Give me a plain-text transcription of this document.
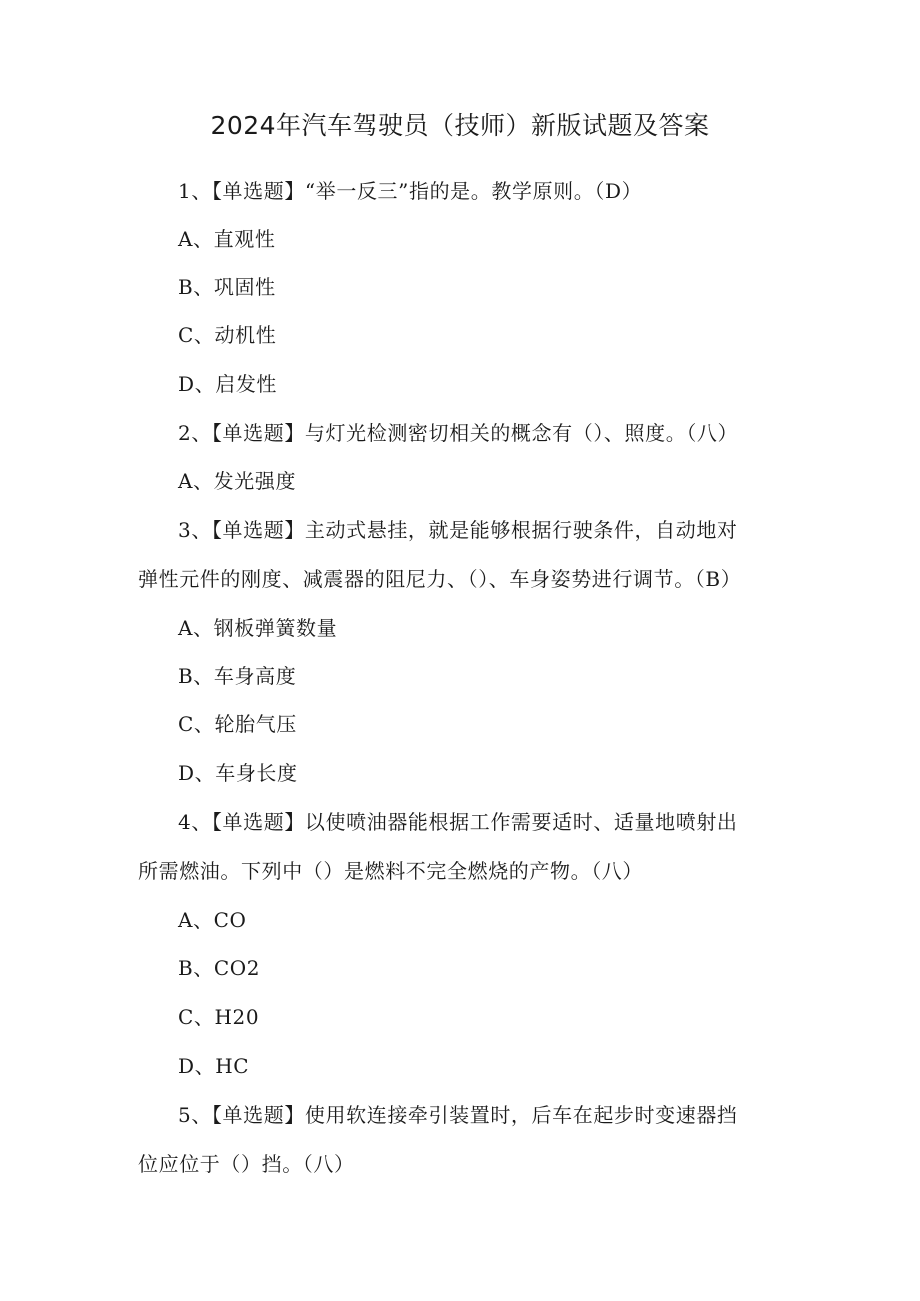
2024年汽车驾驶员（技师）新版试题及答案
1、【单选题】“举一反三”指的是。教学原则。（D）
A、直观性
B、巩固性
C、动机性
D、启发性
2、【单选题】与灯光检测密切相关的概念有（）、照度。（八）
A、发光强度
3、【单选题】主动式悬挂，就是能够根据行驶条件，自动地对
弹性元件的刚度、减震器的阻尼力、（）、车身姿势进行调节。（B）
A、钢板弹簧数量
B、车身高度
C、轮胎气压
D、车身长度
4、【单选题】以使喷油器能根据工作需要适时、适量地喷射出
所需燃油。下列中（）是燃料不完全燃烧的产物。（八）
A、CO
B、CO2
C、H20
D、HC
5、【单选题】使用软连接牵引装置时，后车在起步时变速器挡
位应位于（）挡。（八）
